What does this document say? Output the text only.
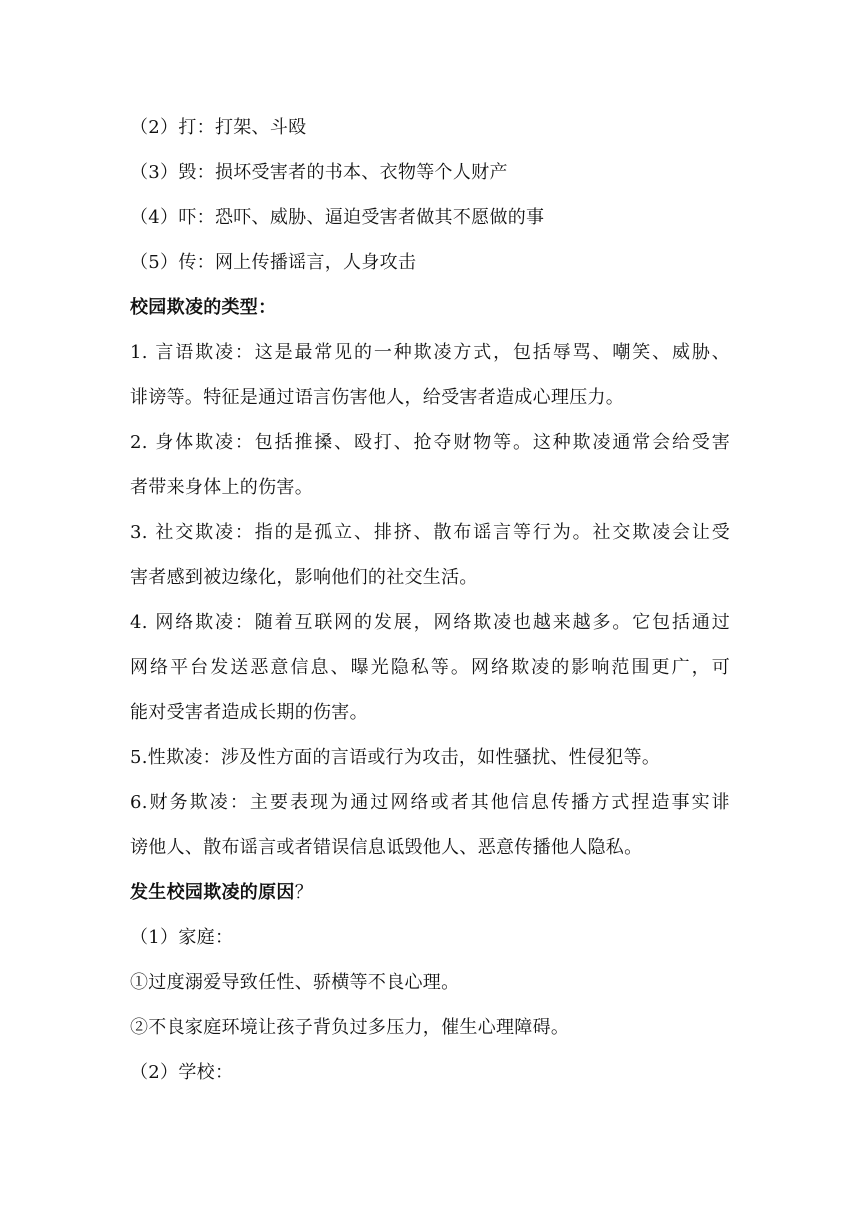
（2）打：打架、斗殴
（3）毁：损坏受害者的书本、衣物等个人财产
（4）吓：恐吓、威胁、逼迫受害者做其不愿做的事
（5）传：网上传播谣言，人身攻击
校园欺凌的类型：
1. 言语欺凌：这是最常见的一种欺凌方式，包括辱骂、嘲笑、威胁、
诽谤等。特征是通过语言伤害他人，给受害者造成心理压力。
2. 身体欺凌：包括推搡、殴打、抢夺财物等。这种欺凌通常会给受害
者带来身体上的伤害。
3. 社交欺凌：指的是孤立、排挤、散布谣言等行为。社交欺凌会让受
害者感到被边缘化，影响他们的社交生活。
4. 网络欺凌：随着互联网的发展，网络欺凌也越来越多。它包括通过
网络平台发送恶意信息、曝光隐私等。网络欺凌的影响范围更广，可
能对受害者造成长期的伤害。
5.性欺凌：涉及性方面的言语或行为攻击，如性骚扰、性侵犯等。
6.财务欺凌：主要表现为通过网络或者其他信息传播方式捏造事实诽
谤他人、散布谣言或者错误信息诋毁他人、恶意传播他人隐私。
发生校园欺凌的原因？
（1）家庭：
①过度溺爱导致任性、骄横等不良心理。
②不良家庭环境让孩子背负过多压力，催生心理障碍。
（2）学校：
